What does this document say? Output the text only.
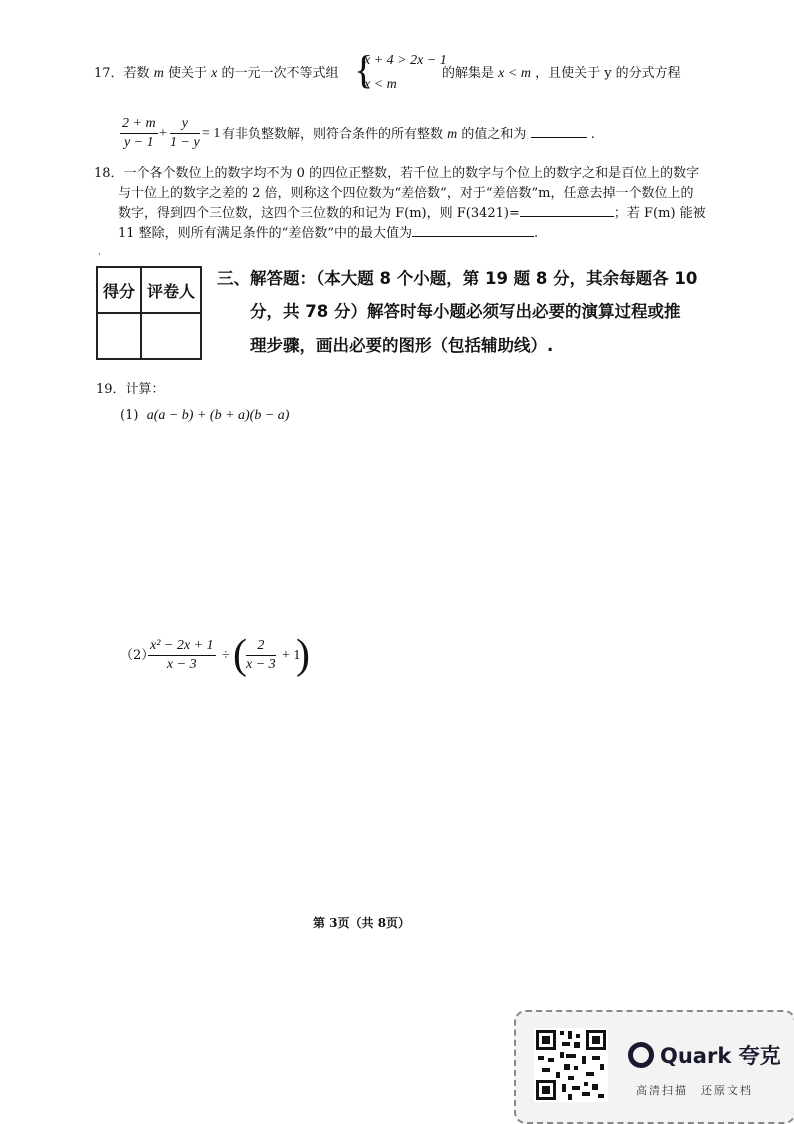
17．若数 m 使关于 x 的一元一次不等式组 {
x + 4 > 2x − 1
x < m
的解集是 x < m ，且使关于 y 的分式方程
$\frac{2 + m}{y - 1} + \frac{y}{1 - y} = 1$ 有非负整数解，则符合条件的所有整数 m 的值之和为	.
18．一个各个数位上的数字均不为 0 的四位正整数，若千位上的数字与个位上的数字之和是百位上的数字
与十位上的数字之差的 2 倍，则称这个四位数为“差倍数”，对于“差倍数”m，任意去掉一个数位上的
数字，得到四个三位数，这四个三位数的和记为 F(m)，则 F(3421)=	；若 F(m) 能被
11 整除，则所有满足条件的“差倍数”中的最大值为	.
·
得分	评卷人

三、解答题：（本大题 8 个小题，第 19 题 8 分，其余每题各 10
分，共 78 分）解答时每小题必须写出必要的演算过程或推
理步骤，画出必要的图形（包括辅助线）.
19．计算：
(1) a(a − b) + (b + a)(b − a)
（2）
$\frac{\text{x² − 2x + 1}}{x - 3}$ ÷ ( $\frac{2}{x - 3} + 1$
)
第 3页（共 8页）
Quark 夸克
高清扫描　还原文档
